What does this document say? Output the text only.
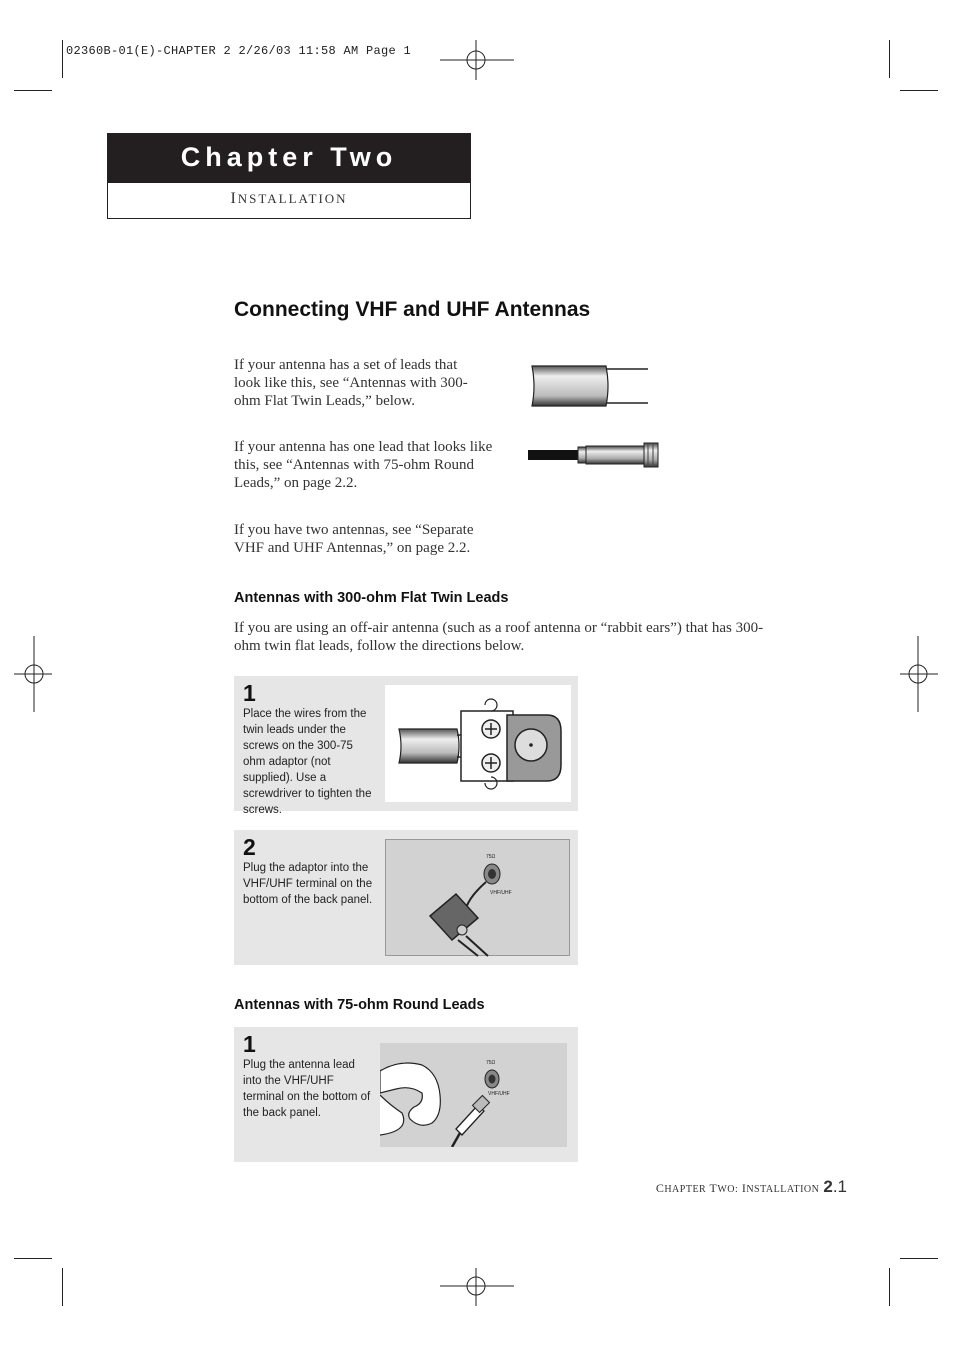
02360B-01(E)-CHAPTER 2 2/26/03 11:58 AM Page 1
Chapter Two
INSTALLATION
Connecting VHF and UHF Antennas
If your antenna has a set of leads that look like this, see “Antennas with 300-ohm Flat Twin Leads,” below.
If your antenna has one lead that looks like this, see “Antennas with 75-ohm Round Leads,” on page 2.2.
If you have two antennas, see “Separate VHF and UHF Antennas,” on page 2.2.
Antennas with 300-ohm Flat Twin Leads
If you are using an off-air antenna (such as a roof antenna or “rabbit ears”) that has 300-ohm twin flat leads, follow the directions below.
1
Place the wires from the twin leads under the screws on the 300-75 ohm adaptor (not supplied). Use a screwdriver to tighten the screws.
2
Plug the adaptor into the VHF/UHF terminal on the bottom of the back panel.
75Ω
VHF/UHF
Antennas with 75-ohm Round Leads
1
Plug the antenna lead into the VHF/UHF terminal on the bottom of the back panel.
75Ω
VHF/UHF
CHAPTER TWO: INSTALLATION 2.1
